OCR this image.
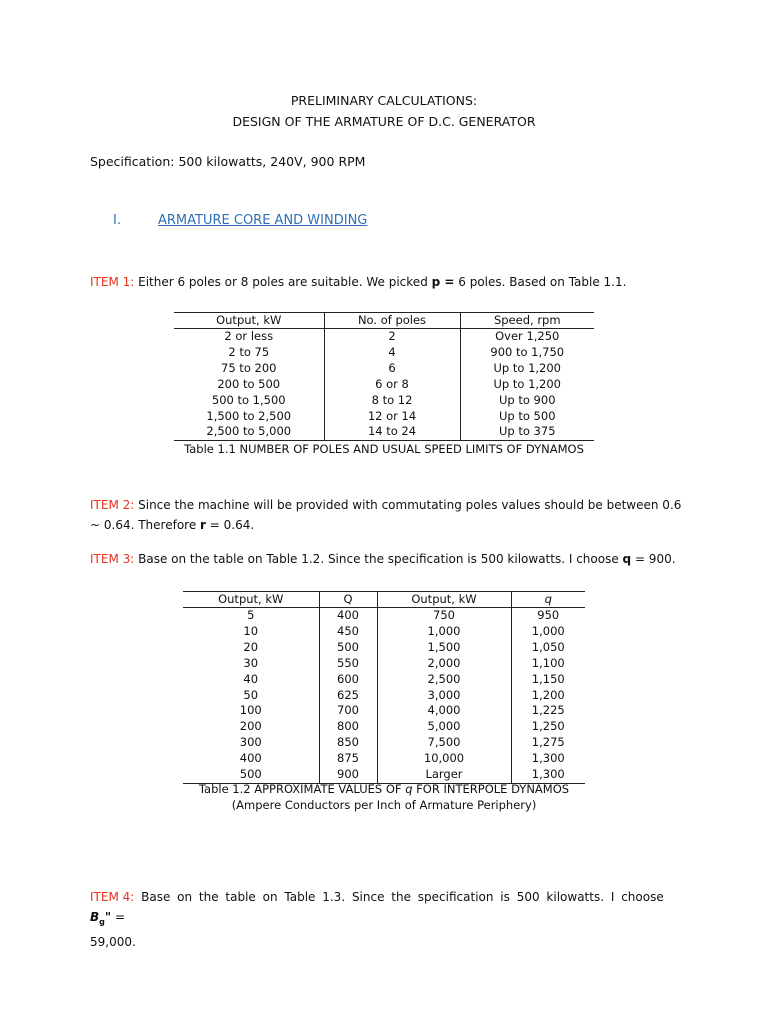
PRELIMINARY CALCULATIONS:
DESIGN OF THE ARMATURE OF D.C. GENERATOR
Specification: 500 kilowatts, 240V, 900 RPM
I.	ARMATURE CORE AND WINDING
ITEM 1: Either 6 poles or 8 poles are suitable. We picked p = 6 poles. Based on Table 1.1.
Output, kW	No. of poles	Speed, rpm
2 or less	2	Over 1,250
2 to 75	4	900 to 1,750
75 to 200	6	Up to 1,200
200 to 500	6 or 8	Up to 1,200
500 to 1,500	8 to 12	Up to 900
1,500 to 2,500	12 or 14	Up to 500
2,500 to 5,000	14 to 24	Up to 375
Table 1.1 NUMBER OF POLES AND USUAL SPEED LIMITS OF DYNAMOS
ITEM 2: Since the machine will be provided with commutating poles values should be between 0.6
~ 0.64. Therefore r = 0.64.
ITEM 3: Base on the table on Table 1.2. Since the specification is 500 kilowatts. I choose q = 900.
Output, kW	Q	Output, kW	q
5	400	750	950
10	450	1,000	1,000
20	500	1,500	1,050
30	550	2,000	1,100
40	600	2,500	1,150
50	625	3,000	1,200
100	700	4,000	1,225
200	800	5,000	1,250
300	850	7,500	1,275
400	875	10,000	1,300
500	900	Larger	1,300
Table 1.2 APPROXIMATE VALUES OF q FOR INTERPOLE DYNAMOS
(Ampere Conductors per Inch of Armature Periphery)
ITEM 4: Base on the table on Table 1.3. Since the specification is 500 kilowatts. I choose $B_g$" =
59,000.
